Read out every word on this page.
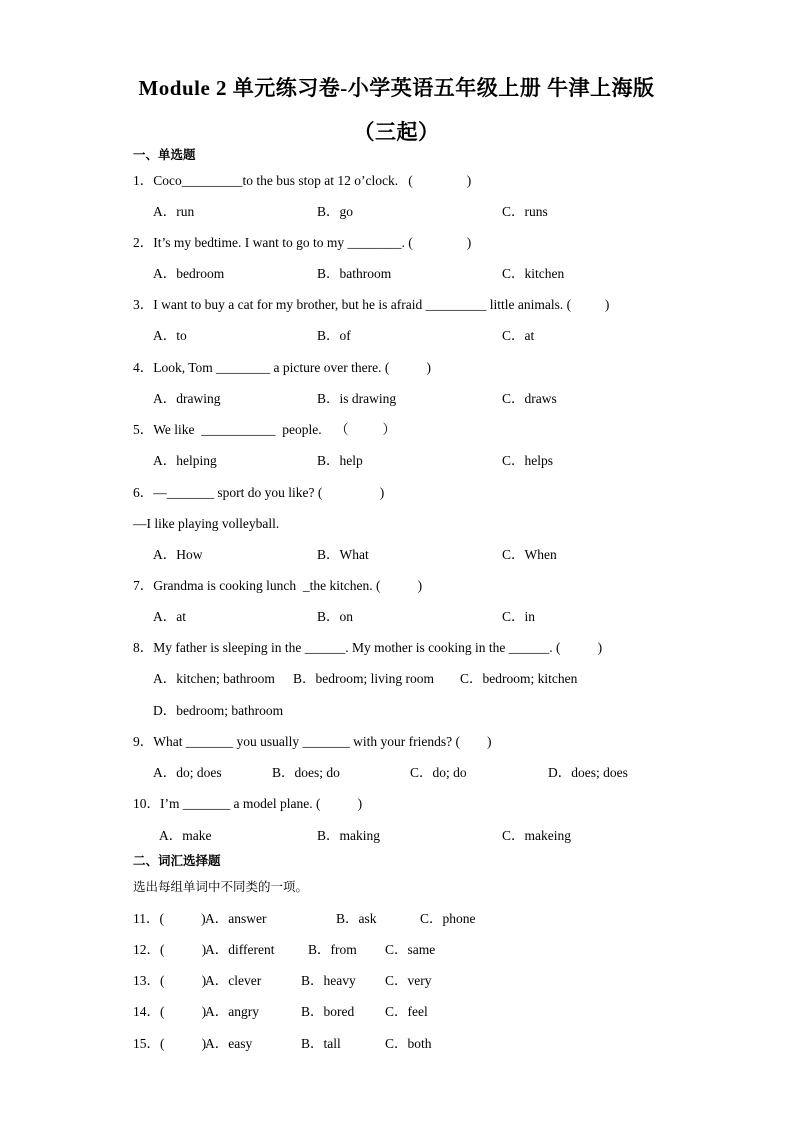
Module 2 单元练习卷-小学英语五年级上册 牛津上海版（三起）
一、单选题
1．Coco_________to the bus stop at 12 o’clock.   (                )
A．run	B．go	C．runs
2．It’s my bedtime. I want to go to my ________. (                )
A．bedroom	B．bathroom	C．kitchen
3．I want to buy a cat for my brother, but he is afraid _________ little animals. (          )
A．to	B．of	C．at
4．Look, Tom ________ a picture over there. (           )
A．drawing	B．is drawing	C．draws
5．We like  ___________  people.    （          ）
A．helping	B．help	C．helps
6．—_______ sport do you like? (                 )
—I like playing volleyball.
A．How	B．What	C．When
7．Grandma is cooking lunch  _the kitchen. (           )
A．at	B．on	C．in
8．My father is sleeping in the ______. My mother is cooking in the ______. (           )
A．kitchen; bathroom B．bedroom; living room C．bedroom; kitchen
D．bedroom; bathroom
9．What _______ you usually _______ with your friends? (        )
A．do; does	B．does; do	C．do; do	D．does; does
10．I’m _______ a model plane. (           )
A．make	B．making	C．makeing
二、词汇选择题
选出每组单词中不同类的一项。
11．(           ) A．answer	B．ask	C．phone
12．(           )
A．different B．from C．same
13．(           )
A．clever	B．heavy C．very
14．(           )
A．angry	B．bored C．feel
15．(           )
A．easy	B．tall	C．both
